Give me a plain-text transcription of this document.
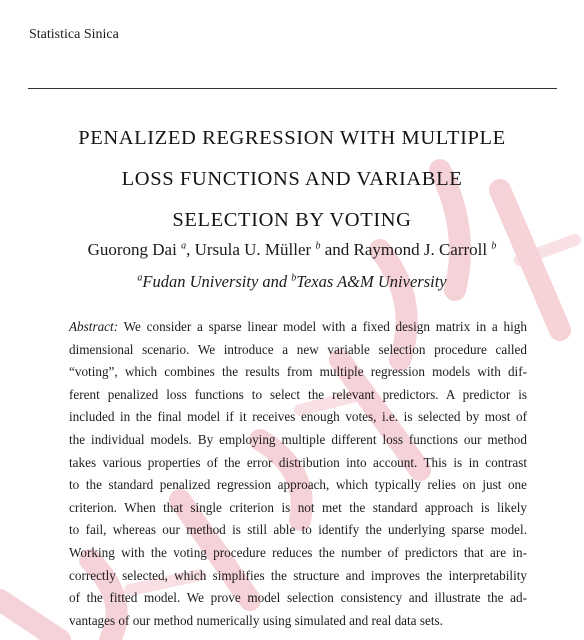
Statistica Sinica
PENALIZED REGRESSION WITH MULTIPLE
LOSS FUNCTIONS AND VARIABLE
SELECTION BY VOTING
Guorong Dai $^a$, Ursula U. Müller $^b$ and Raymond J. Carroll $^b$
$^a$Fudan University and $^b$Texas A&M University
Abstract: We consider a sparse linear model with a fixed design matrix in a high
dimensional scenario. We introduce a new variable selection procedure called
“voting”, which combines the results from multiple regression models with dif-
ferent penalized loss functions to select the relevant predictors. A predictor is
included in the final model if it receives enough votes, i.e. is selected by most of
the individual models. By employing multiple different loss functions our method
takes various properties of the error distribution into account. This is in contrast
to the standard penalized regression approach, which typically relies on just one
criterion. When that single criterion is not met the standard approach is likely
to fail, whereas our method is still able to identify the underlying sparse model.
Working with the voting procedure reduces the number of predictors that are in-
correctly selected, which simplifies the structure and improves the interpretability
of the fitted model. We prove model selection consistency and illustrate the ad-
vantages of our method numerically using simulated and real data sets.
